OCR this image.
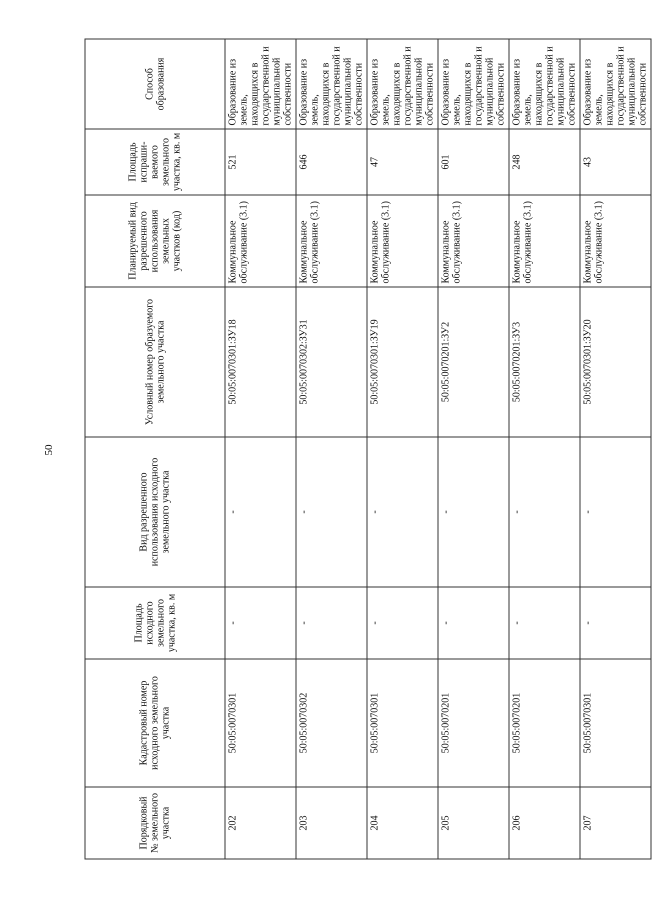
50
Порядковый № земельного участка	Кадастровый номер исходного земельного участка	Площадь исходного земельного участка, кв. м	Вид разрешенного использования исходного земельного участка	Условный номер образуемого земельного участка	Планируемый вид разрешенного использования земельных участков (код)	Площадь испраши-ваемого земельного участка, кв. м	Способ образования
202	50:05:0070301	-	-	50:05:0070301:ЗУ18	Коммунальное обслуживание (3.1)	521	Образование из земель, находящихся в государственной и муниципальной собственности
203	50:05:0070302	-	-	50:05:0070302:ЗУ31	Коммунальное обслуживание (3.1)	646	Образование из земель, находящихся в государственной и муниципальной собственности
204	50:05:0070301	-	-	50:05:0070301:ЗУ19	Коммунальное обслуживание (3.1)	47	Образование из земель, находящихся в государственной и муниципальной собственности
205	50:05:0070201	-	-	50:05:0070201:ЗУ2	Коммунальное обслуживание (3.1)	601	Образование из земель, находящихся в государственной и муниципальной собственности
206	50:05:0070201	-	-	50:05:0070201:ЗУ3	Коммунальное обслуживание (3.1)	248	Образование из земель, находящихся в государственной и муниципальной собственности
207	50:05:0070301	-	-	50:05:0070301:ЗУ20	Коммунальное обслуживание (3.1)	43	Образование из земель, находящихся в государственной и муниципальной собственности
